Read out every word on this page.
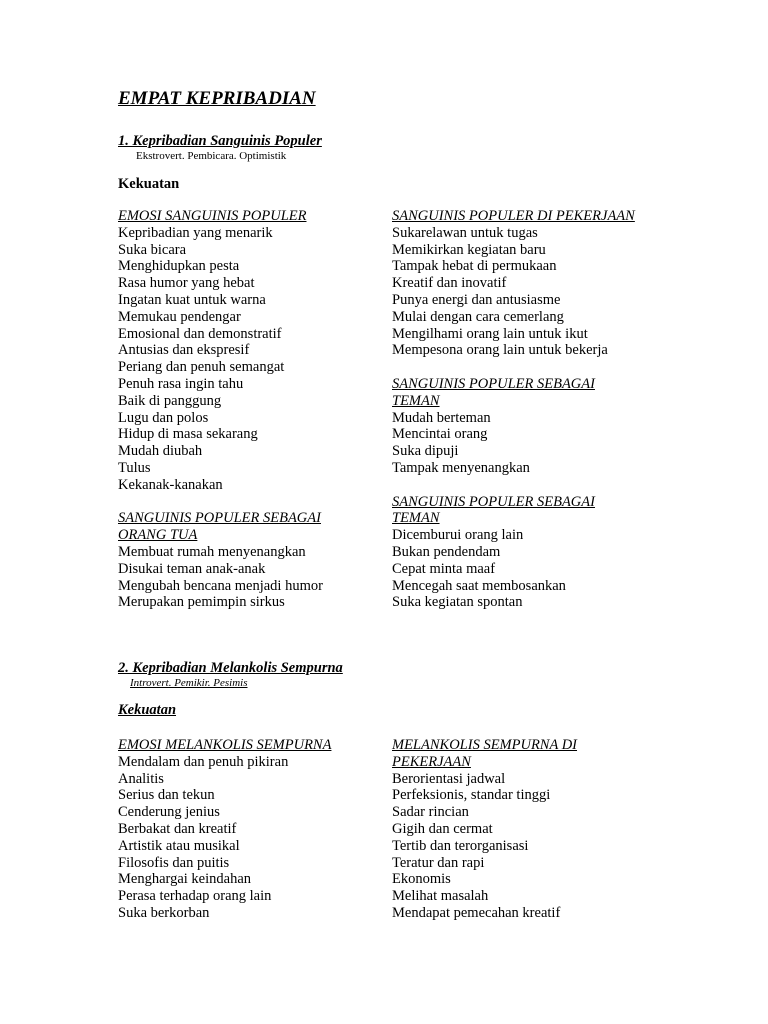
EMPAT KEPRIBADIAN
1. Kepribadian Sanguinis Populer
Ekstrovert. Pembicara. Optimistik
Kekuatan
EMOSI SANGUINIS POPULER
Kepribadian yang menarik
Suka bicara
Menghidupkan pesta
Rasa humor yang hebat
Ingatan kuat untuk warna
Memukau pendengar
Emosional dan demonstratif
Antusias dan ekspresif
Periang dan penuh semangat
Penuh rasa ingin tahu
Baik di panggung
Lugu dan polos
Hidup di masa sekarang
Mudah diubah
Tulus
Kekanak-kanakan
SANGUINIS POPULER SEBAGAI
ORANG TUA
Membuat rumah menyenangkan
Disukai teman anak-anak
Mengubah bencana menjadi humor
Merupakan pemimpin sirkus
SANGUINIS POPULER DI PEKERJAAN
Sukarelawan untuk tugas
Memikirkan kegiatan baru
Tampak hebat di permukaan
Kreatif dan inovatif
Punya energi dan antusiasme
Mulai dengan cara cemerlang
Mengilhami orang lain untuk ikut
Mempesona orang lain untuk bekerja
SANGUINIS POPULER SEBAGAI
TEMAN
Mudah berteman
Mencintai orang
Suka dipuji
Tampak menyenangkan
SANGUINIS POPULER SEBAGAI
TEMAN
Dicemburui orang lain
Bukan pendendam
Cepat minta maaf
Mencegah saat membosankan
Suka kegiatan spontan
2. Kepribadian Melankolis Sempurna
Introvert. Pemikir. Pesimis
Kekuatan
EMOSI MELANKOLIS SEMPURNA
Mendalam dan penuh pikiran
Analitis
Serius dan tekun
Cenderung jenius
Berbakat dan kreatif
Artistik atau musikal
Filosofis dan puitis
Menghargai keindahan
Perasa terhadap orang lain
Suka berkorban
MELANKOLIS SEMPURNA DI
PEKERJAAN
Berorientasi jadwal
Perfeksionis, standar tinggi
Sadar rincian
Gigih dan cermat
Tertib dan terorganisasi
Teratur dan rapi
Ekonomis
Melihat masalah
Mendapat pemecahan kreatif
